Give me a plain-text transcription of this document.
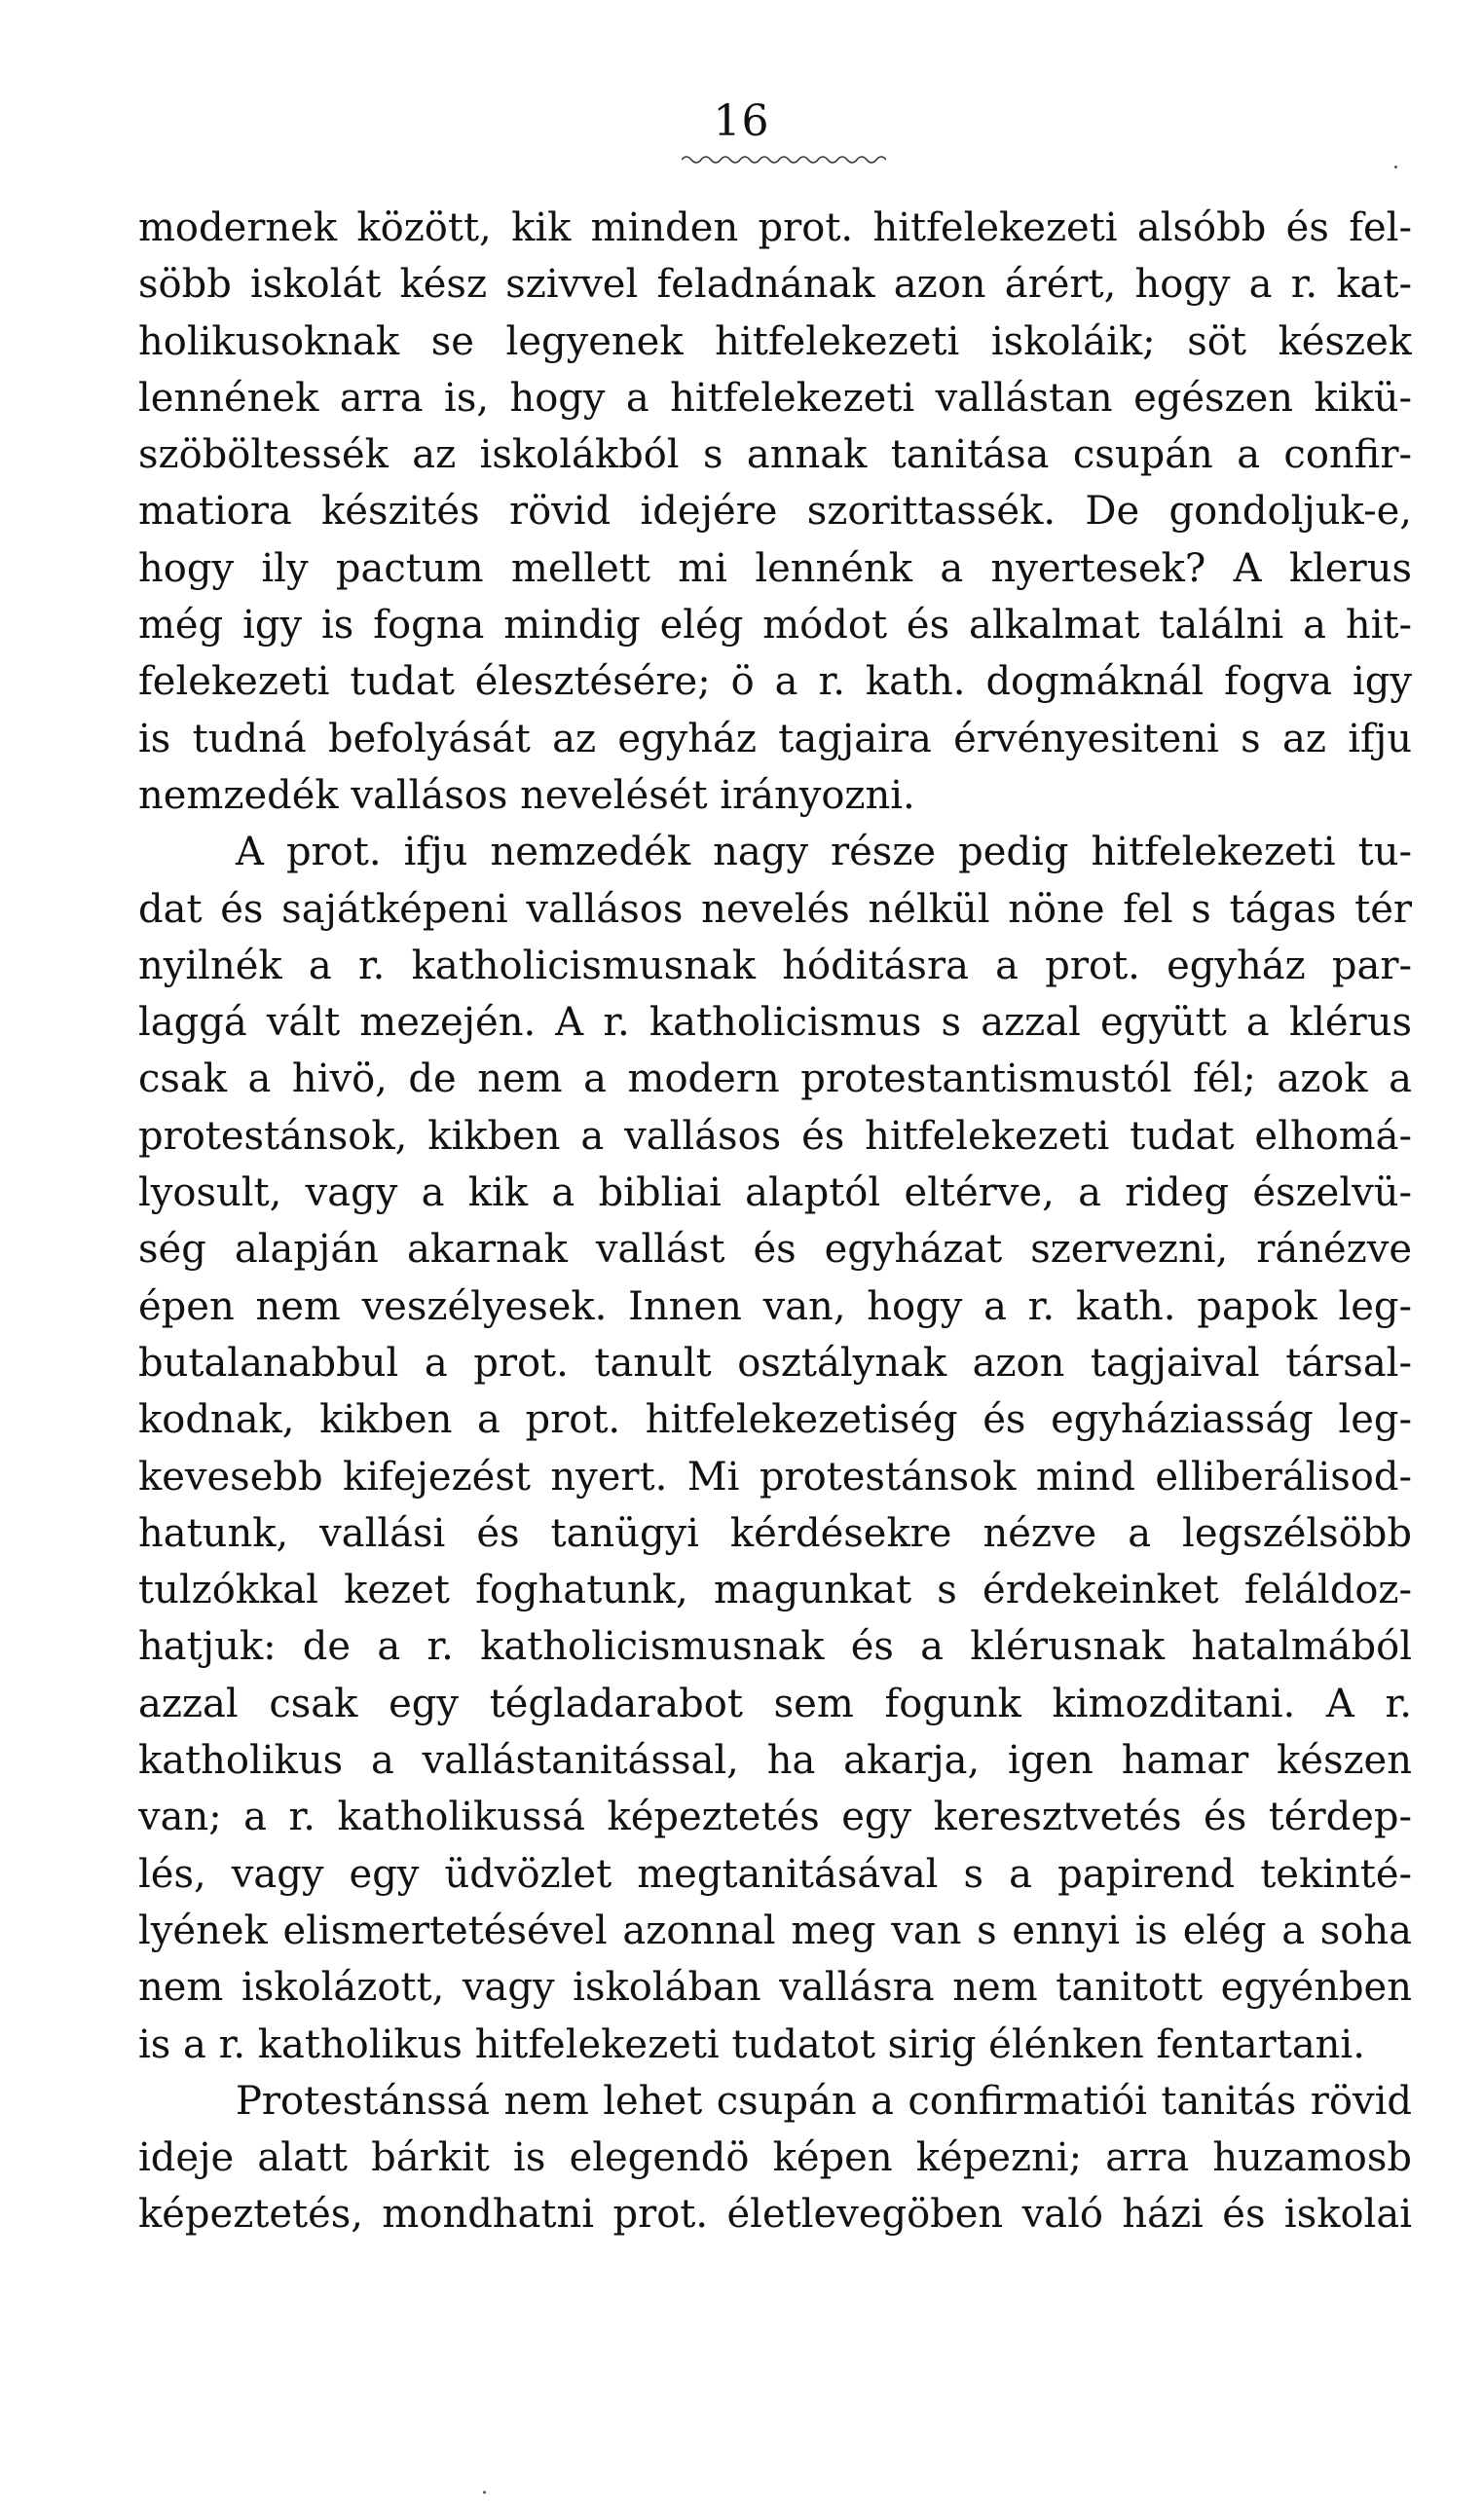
16
modernek között, kik minden prot. hitfelekezeti alsóbb és fel-
söbb iskolát kész szivvel feladnának azon árért, hogy a r. kat-
holikusoknak se legyenek hitfelekezeti iskoláik; söt készek
lennének arra is, hogy a hitfelekezeti vallástan egészen kikü-
szöböltessék az iskolákból s annak tanitása csupán a confir-
matiora készités rövid idejére szorittassék. De gondoljuk-e,
hogy ily pactum mellett mi lennénk a nyertesek? A klerus
még igy is fogna mindig elég módot és alkalmat találni a hit-
felekezeti tudat élesztésére; ö a r. kath. dogmáknál fogva igy
is tudná befolyását az egyház tagjaira érvényesiteni s az ifju
nemzedék vallásos nevelését irányozni.
A prot. ifju nemzedék nagy része pedig hitfelekezeti tu-
dat és sajátképeni vallásos nevelés nélkül nöne fel s tágas tér
nyilnék a r. katholicismusnak hóditásra a prot. egyház par-
laggá vált mezején. A r. katholicismus s azzal együtt a klérus
csak a hivö, de nem a modern protestantismustól fél; azok a
protestánsok, kikben a vallásos és hitfelekezeti tudat elhomá-
lyosult, vagy a kik a bibliai alaptól eltérve, a rideg észelvü-
ség alapján akarnak vallást és egyházat szervezni, ránézve
épen nem veszélyesek. Innen van, hogy a r. kath. papok leg-
butalanabbul a prot. tanult osztálynak azon tagjaival társal-
kodnak, kikben a prot. hitfelekezetiség és egyháziasság leg-
kevesebb kifejezést nyert. Mi protestánsok mind elliberálisod-
hatunk, vallási és tanügyi kérdésekre nézve a legszélsöbb
tulzókkal kezet foghatunk, magunkat s érdekeinket feláldoz-
hatjuk: de a r. katholicismusnak és a klérusnak hatalmából
azzal csak egy tégladarabot sem fogunk kimozditani. A r.
katholikus a vallástanitással, ha akarja, igen hamar készen
van; a r. katholikussá képeztetés egy keresztvetés és térdep-
lés, vagy egy üdvözlet megtanitásával s a papirend tekinté-
lyének elismertetésével azonnal meg van s ennyi is elég a soha
nem iskolázott, vagy iskolában vallásra nem tanitott egyénben
is a r. katholikus hitfelekezeti tudatot sirig élénken fentartani.
Protestánssá nem lehet csupán a confirmatiói tanitás rövid
ideje alatt bárkit is elegendö képen képezni; arra huzamosb
képeztetés, mondhatni prot. életlevegöben való házi és iskolai
